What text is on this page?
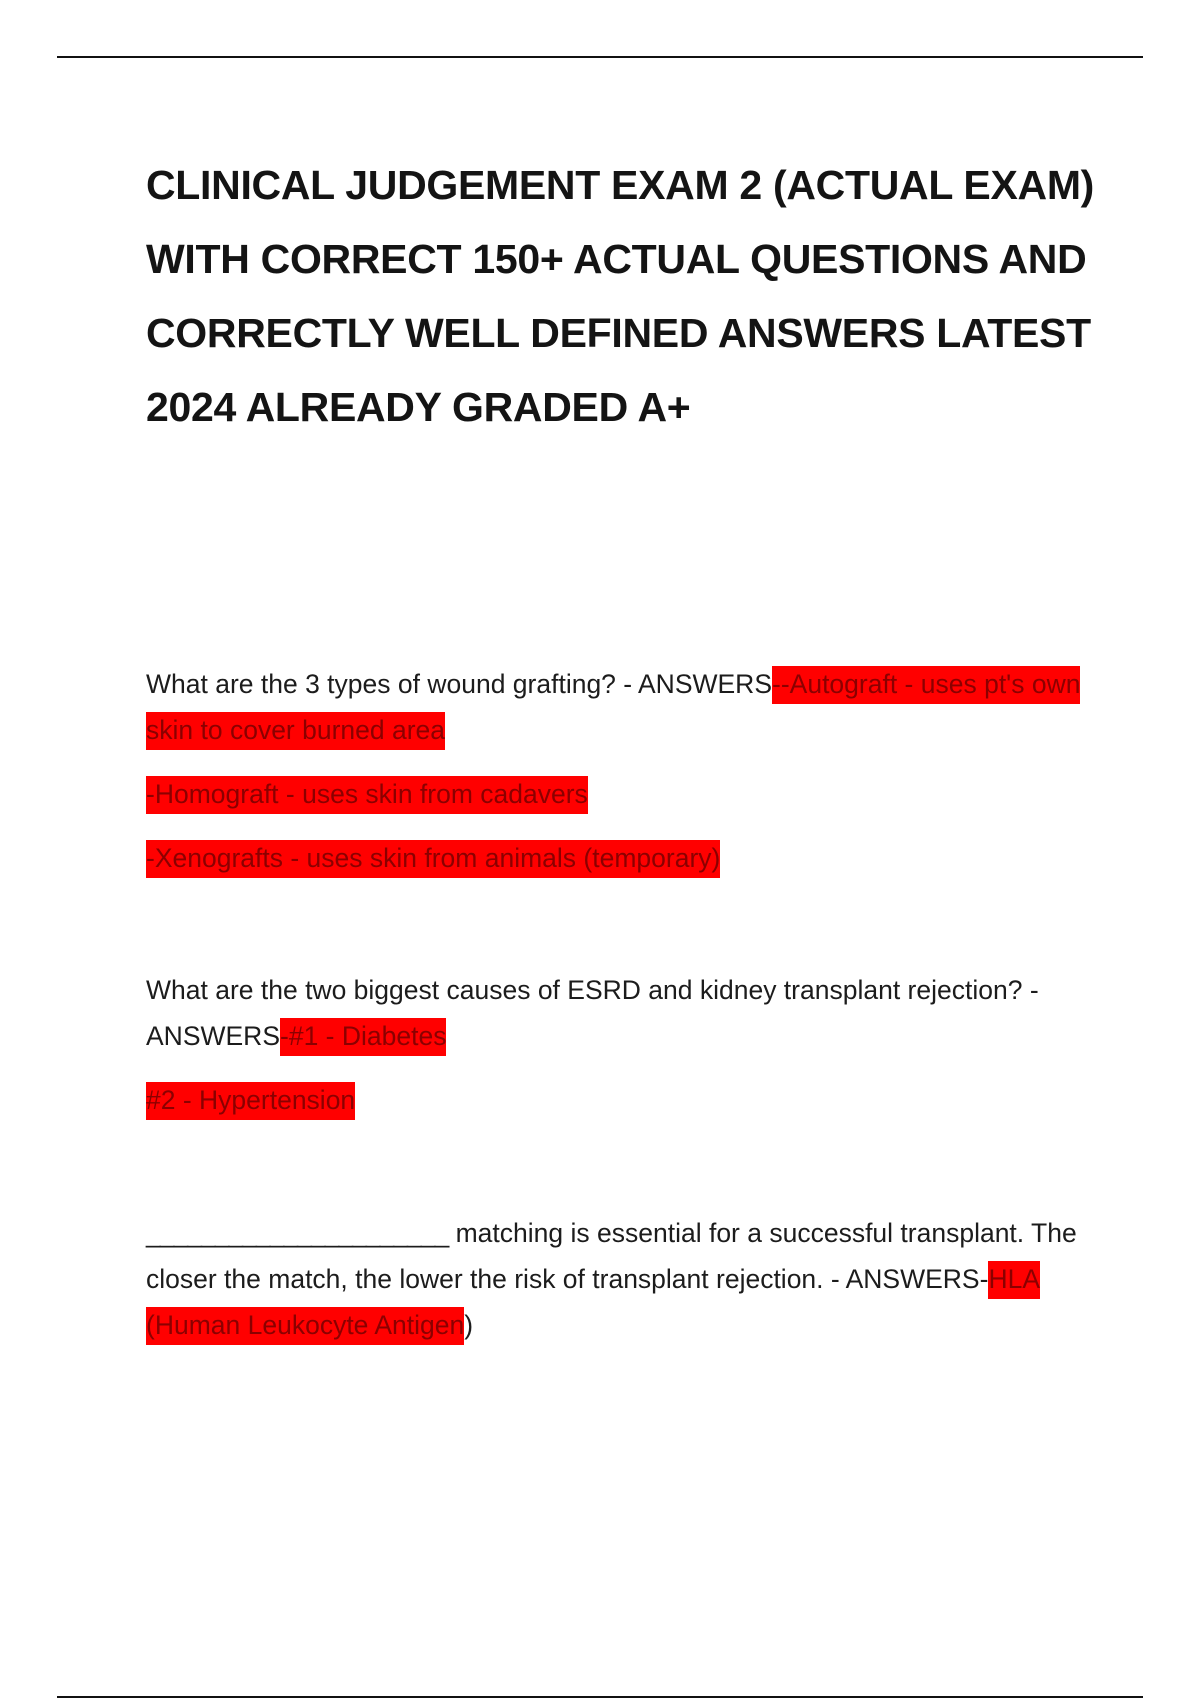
CLINICAL JUDGEMENT EXAM 2 (ACTUAL EXAM) WITH CORRECT 150+ ACTUAL QUESTIONS AND CORRECTLY WELL DEFINED ANSWERS LATEST 2024 ALREADY GRADED A+

What are the 3 types of wound grafting? - ANSWERS--Autograft - uses pt's own skin to cover burned area

-Homograft - uses skin from cadavers

-Xenografts - uses skin from animals (temporary)

What are the two biggest causes of ESRD and kidney transplant rejection? - ANSWERS-#1 - Diabetes

#2 - Hypertension

______________________ matching is essential for a successful transplant. The closer the match, the lower the risk of transplant rejection. - ANSWERS-HLA (Human Leukocyte Antigen)
